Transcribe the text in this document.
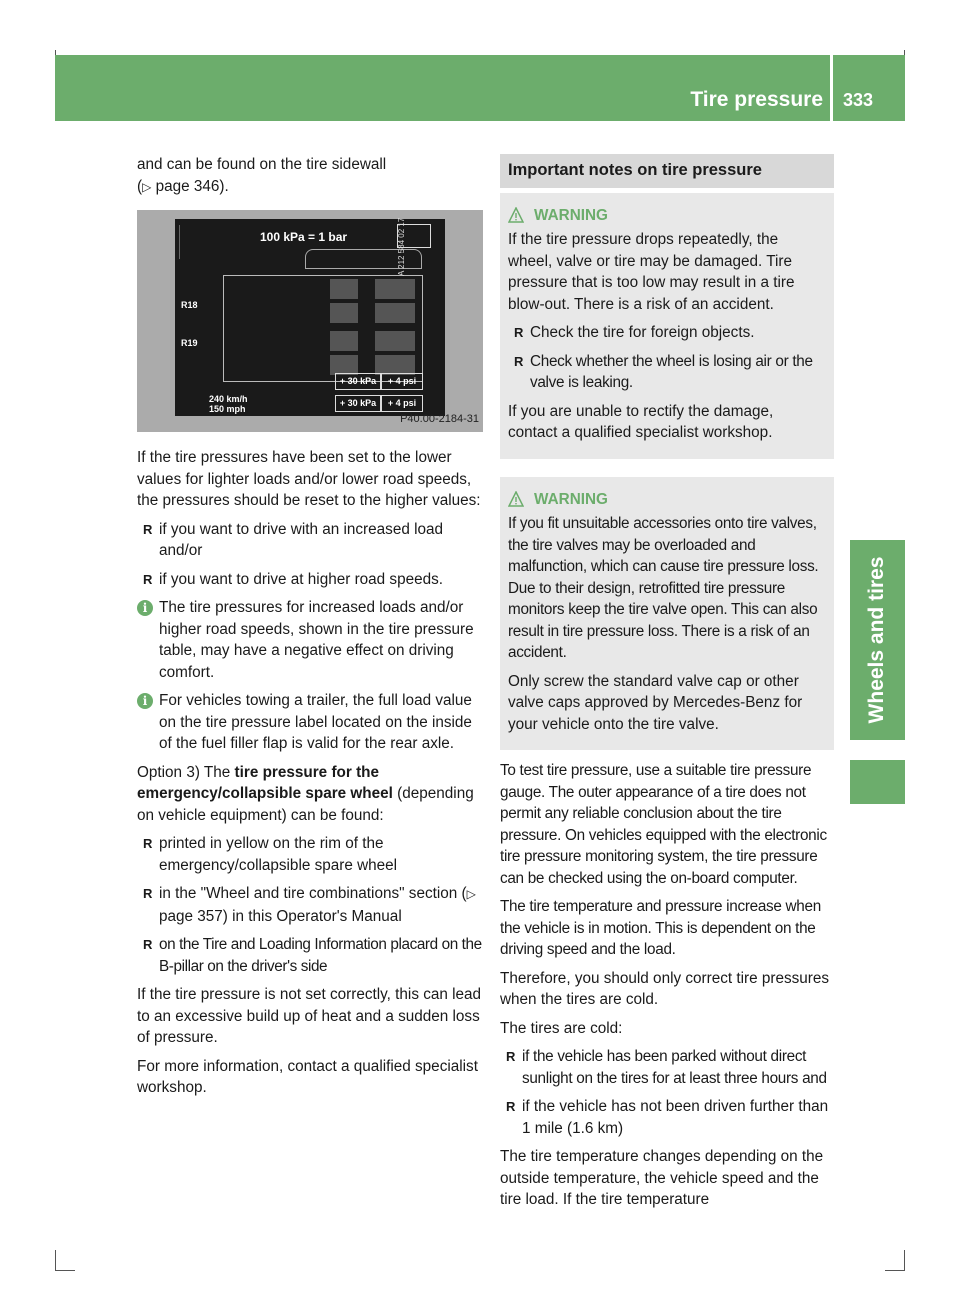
Tire pressure 333
Wheels and tires

and can be found on the tire sidewall
(▷ page 346).

100 kPa = 1 bar
R18
R19
240 km/h
150 mph
+ 30 kPa	+ 4 psi
+ 30 kPa	+ 4 psi
A 212 584 02 17
P40.00-2184-31

If the tire pressures have been set to the lower values for lighter loads and/or lower road speeds, the pressures should be reset to the higher values:

R if you want to drive with an increased load and/or
R if you want to drive at higher road speeds.
i The tire pressures for increased loads and/or higher road speeds, shown in the tire pressure table, may have a negative effect on driving comfort.
i For vehicles towing a trailer, the full load value on the tire pressure label located on the inside of the fuel filler flap is valid for the rear axle.

Option 3) The tire pressure for the emergency/collapsible spare wheel (depending on vehicle equipment) can be found:

R printed in yellow on the rim of the emergency/collapsible spare wheel
R in the "Wheel and tire combinations" section (▷ page 357) in this Operator's Manual
R on the Tire and Loading Information placard on the B-pillar on the driver's side

If the tire pressure is not set correctly, this can lead to an excessive build up of heat and a sudden loss of pressure.

For more information, contact a qualified specialist workshop.

Important notes on tire pressure
WARNING

If the tire pressure drops repeatedly, the wheel, valve or tire may be damaged. Tire pressure that is too low may result in a tire blow-out. There is a risk of an accident.

R Check the tire for foreign objects.
R Check whether the wheel is losing air or the valve is leaking.

If you are unable to rectify the damage, contact a qualified specialist workshop.

WARNING

If you fit unsuitable accessories onto tire valves, the tire valves may be overloaded and malfunction, which can cause tire pressure loss. Due to their design, retrofitted tire pressure monitors keep the tire valve open. This can also result in tire pressure loss. There is a risk of an accident.

Only screw the standard valve cap or other valve caps approved by Mercedes-Benz for your vehicle onto the tire valve.

To test tire pressure, use a suitable tire pressure gauge. The outer appearance of a tire does not permit any reliable conclusion about the tire pressure. On vehicles equipped with the electronic tire pressure monitoring system, the tire pressure can be checked using the on-board computer.

The tire temperature and pressure increase when the vehicle is in motion. This is dependent on the driving speed and the load.

Therefore, you should only correct tire pressures when the tires are cold.

The tires are cold:

R if the vehicle has been parked without direct sunlight on the tires for at least three hours and
R if the vehicle has not been driven further than 1 mile (1.6 km)

The tire temperature changes depending on the outside temperature, the vehicle speed and the tire load. If the tire temperature
